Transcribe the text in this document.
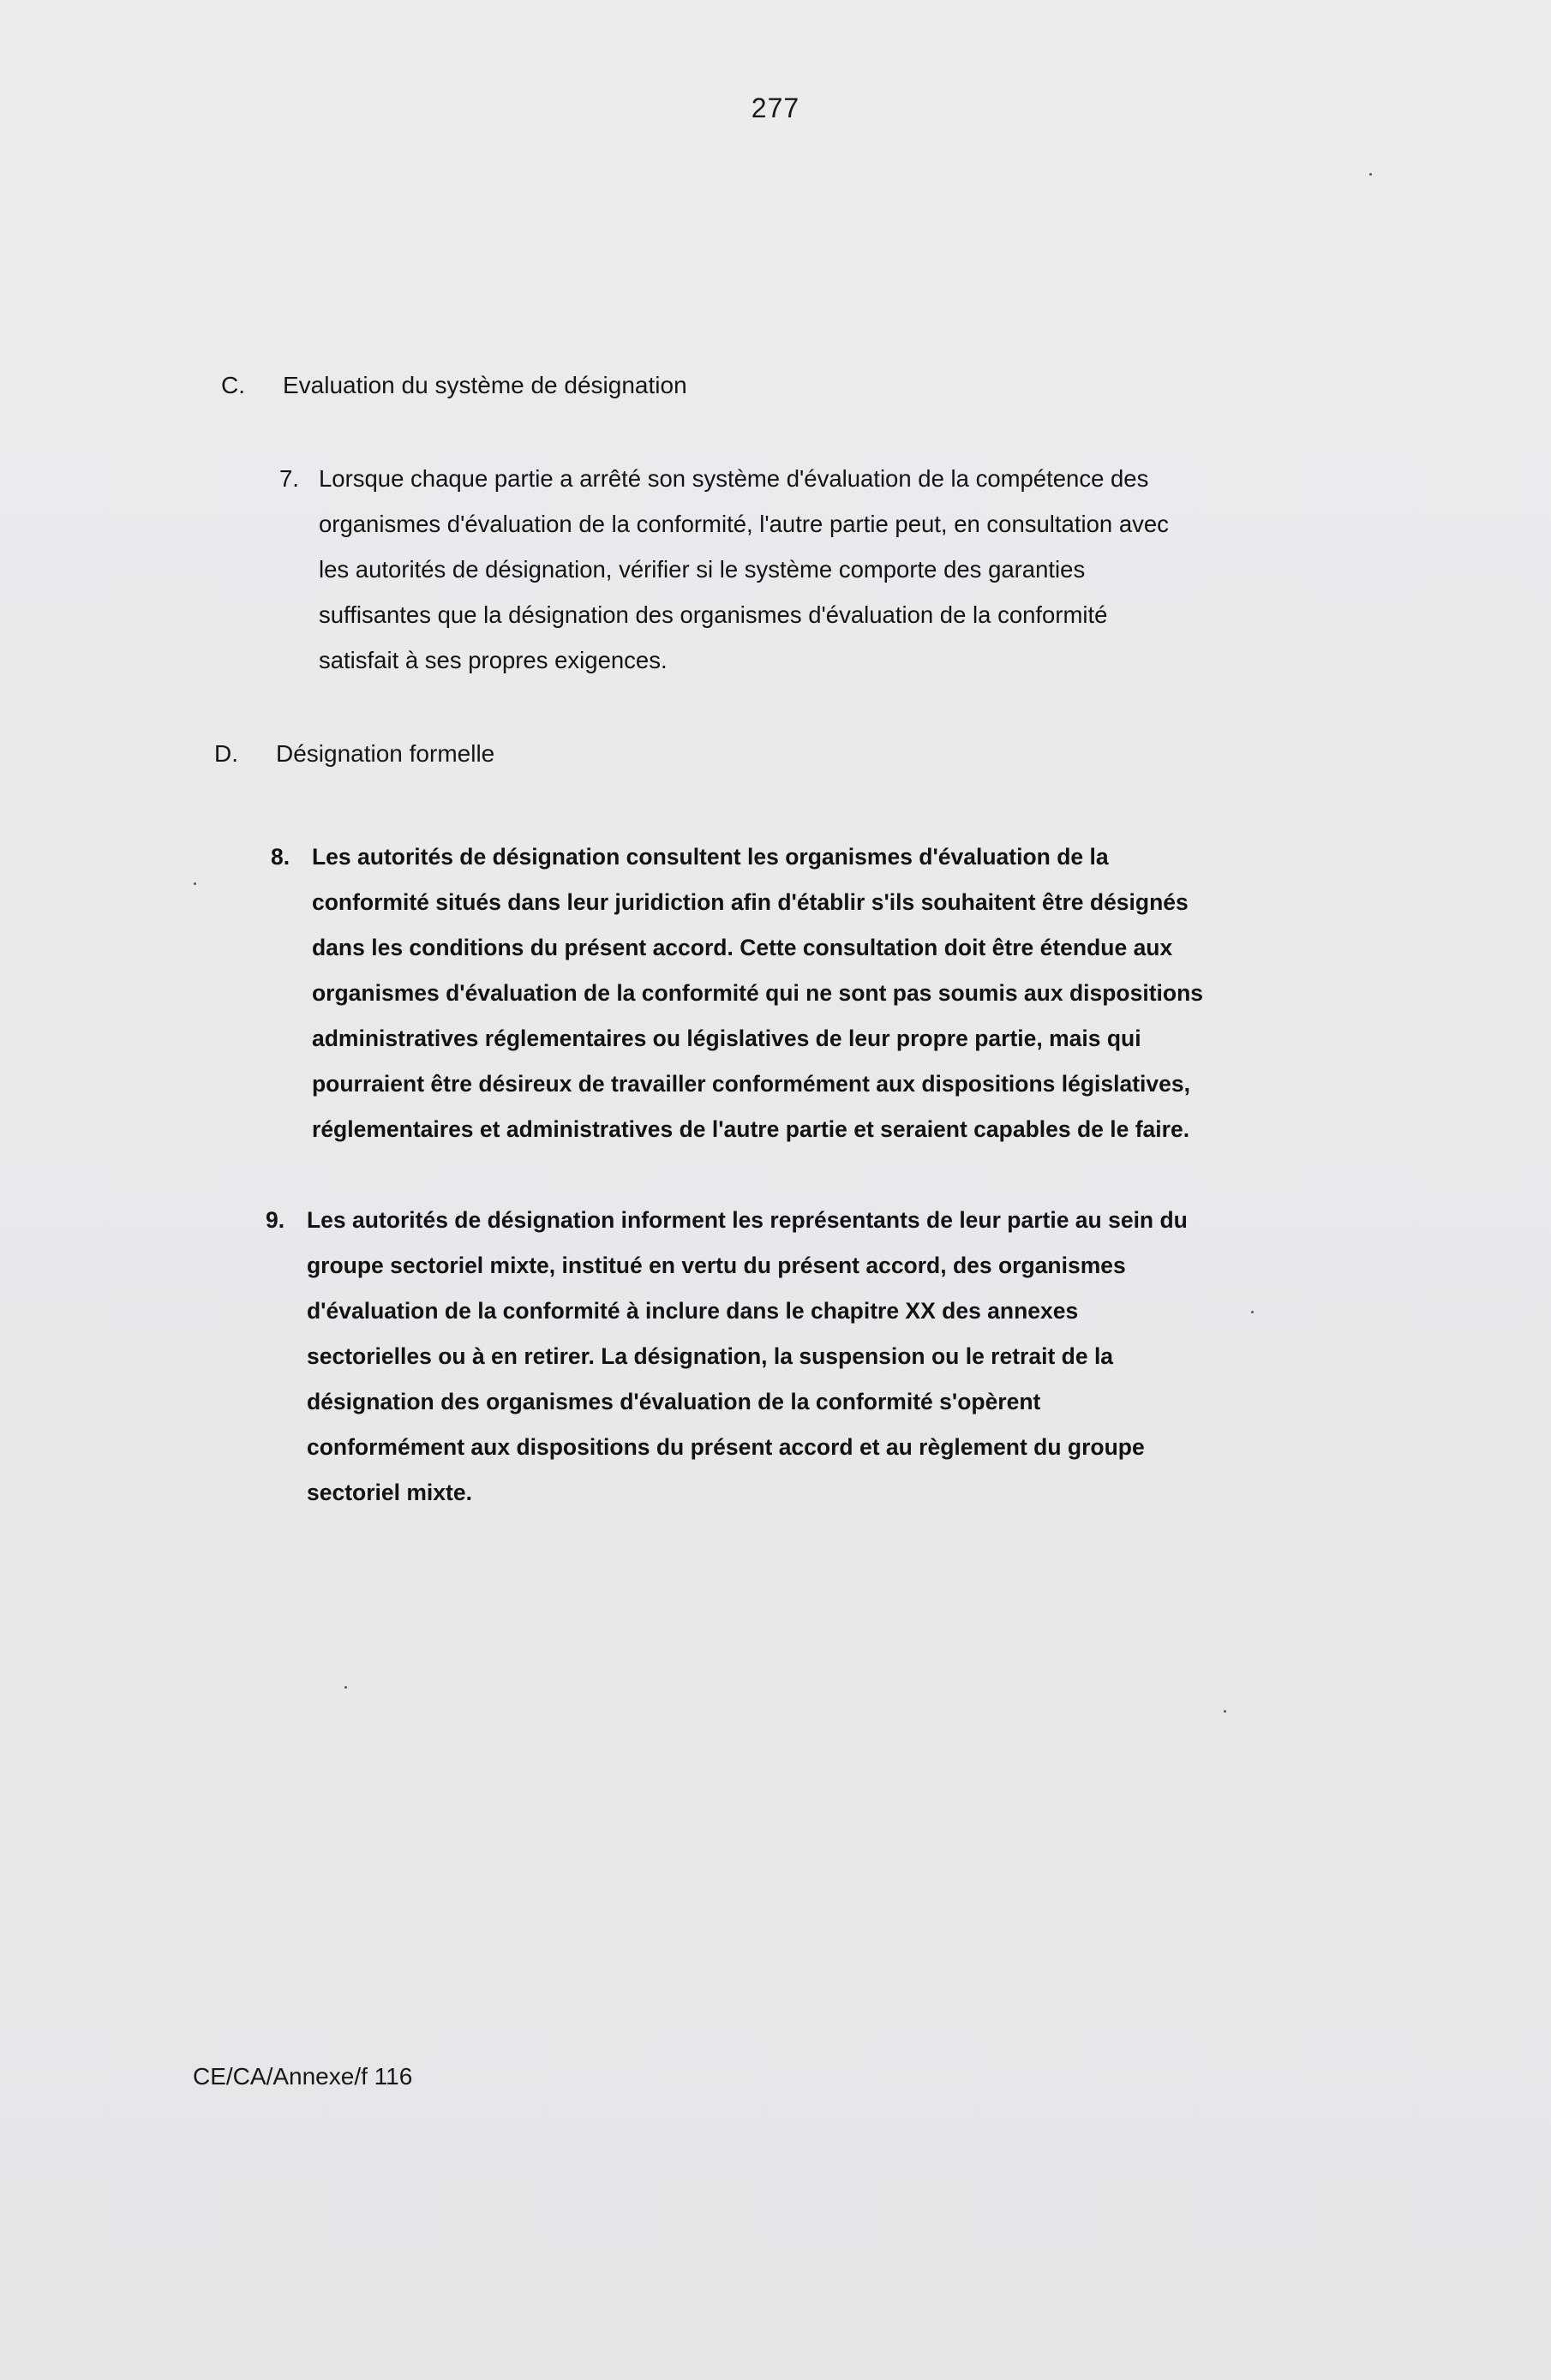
277
C. Evaluation du système de désignation
7. Lorsque chaque partie a arrêté son système d'évaluation de la compétence des
organismes d'évaluation de la conformité, l'autre partie peut, en consultation avec
les autorités de désignation, vérifier si le système comporte des garanties
suffisantes que la désignation des organismes d'évaluation de la conformité
satisfait à ses propres exigences.
D. Désignation formelle
8. Les autorités de désignation consultent les organismes d'évaluation de la
conformité situés dans leur juridiction afin d'établir s'ils souhaitent être désignés
dans les conditions du présent accord. Cette consultation doit être étendue aux
organismes d'évaluation de la conformité qui ne sont pas soumis aux dispositions
administratives réglementaires ou législatives de leur propre partie, mais qui
pourraient être désireux de travailler conformément aux dispositions législatives,
réglementaires et administratives de l'autre partie et seraient capables de le faire.
9. Les autorités de désignation informent les représentants de leur partie au sein du
groupe sectoriel mixte, institué en vertu du présent accord, des organismes
d'évaluation de la conformité à inclure dans le chapitre XX des annexes
sectorielles ou à en retirer. La désignation, la suspension ou le retrait de la
désignation des organismes d'évaluation de la conformité s'opèrent
conformément aux dispositions du présent accord et au règlement du groupe
sectoriel mixte.
CE/CA/Annexe/f 116
